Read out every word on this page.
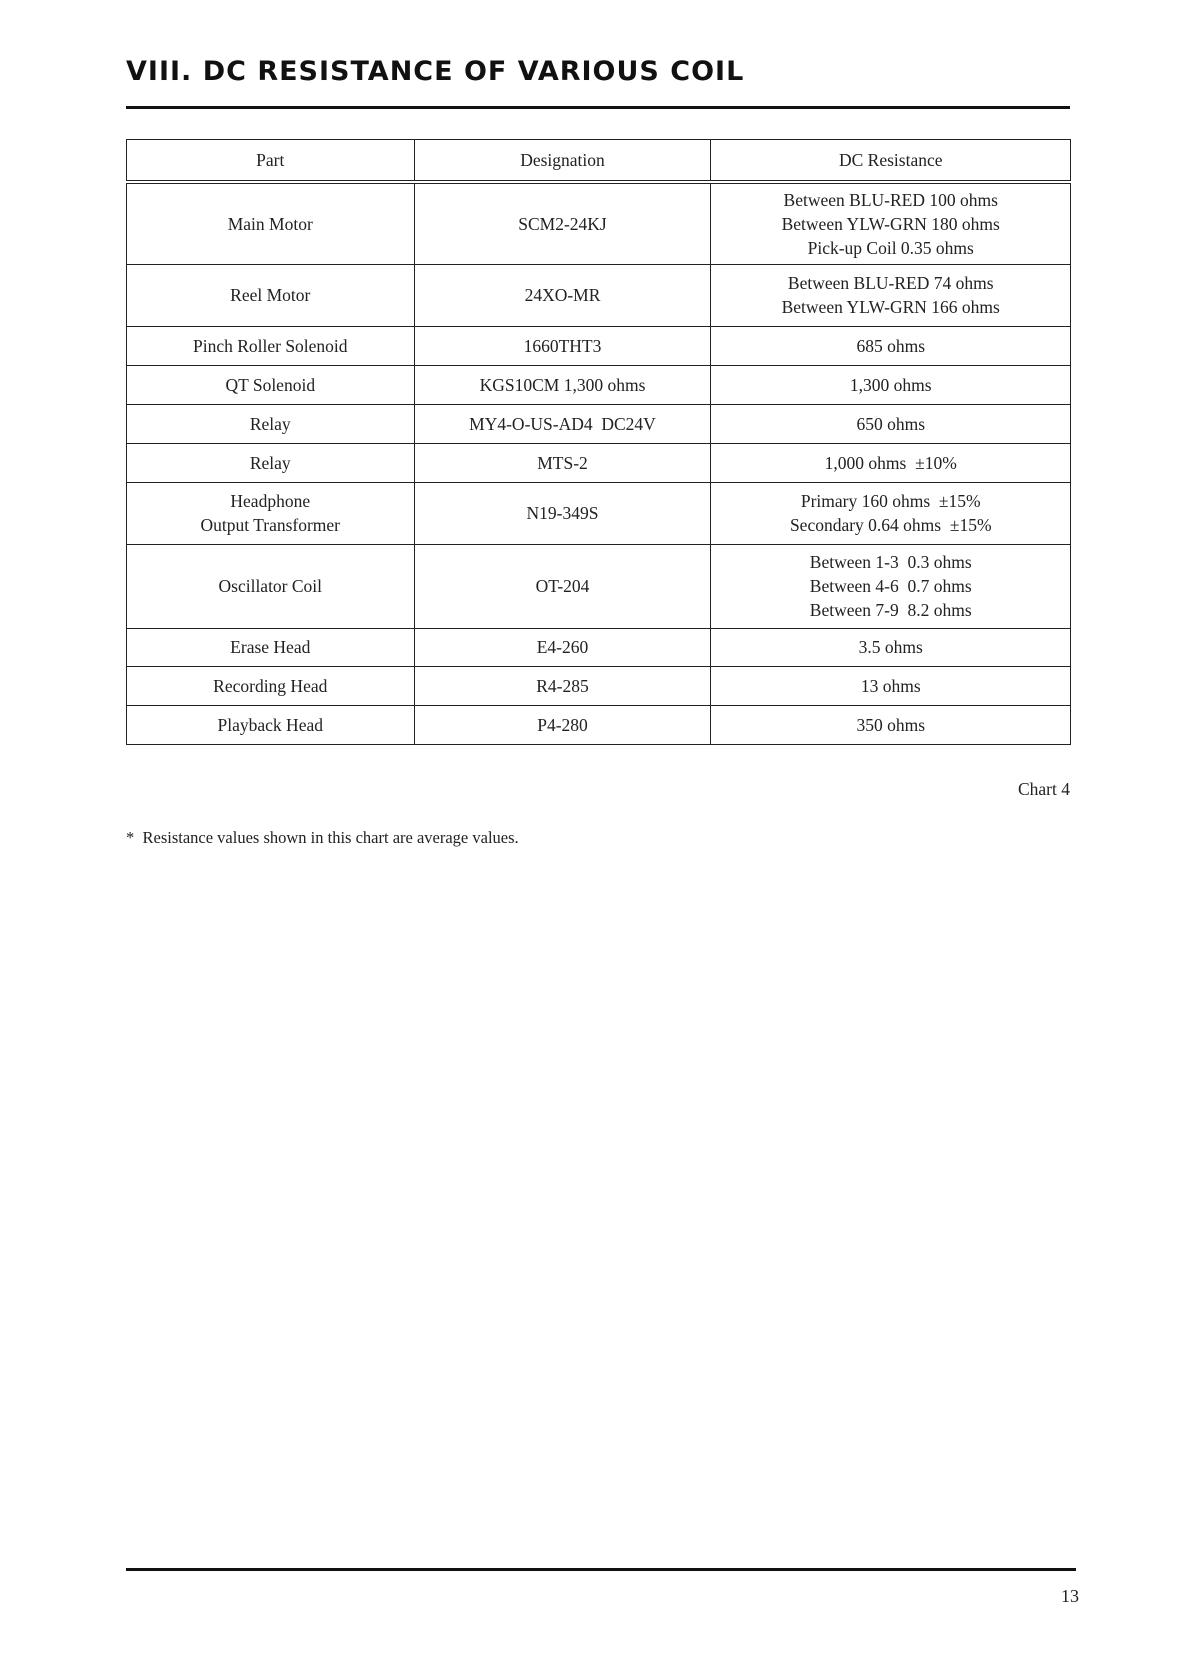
VIII. DC RESISTANCE OF VARIOUS COIL
Part	Designation	DC Resistance

Main Motor	SCM2-24KJ	Between BLU-RED 100 ohms
Between YLW-GRN 180 ohms
Pick-up Coil 0.35 ohms

Reel Motor	24XO-MR	Between BLU-RED 74 ohms
Between YLW-GRN 166 ohms

Pinch Roller Solenoid	1660THT3	685 ohms

QT Solenoid	KGS10CM 1,300 ohms	1,300 ohms

Relay	MY4-O-US-AD4  DC24V	650 ohms

Relay	MTS-2	1,000 ohms  ±10%

Headphone
Output Transformer	N19-349S	Primary 160 ohms  ±15%
Secondary 0.64 ohms  ±15%

Oscillator Coil	OT-204	Between 1-3  0.3 ohms
Between 4-6  0.7 ohms
Between 7-9  8.2 ohms

Erase Head	E4-260	3.5 ohms

Recording Head	R4-285	13 ohms

Playback Head	P4-280	350 ohms
Chart 4
*  Resistance values shown in this chart are average values.
13
